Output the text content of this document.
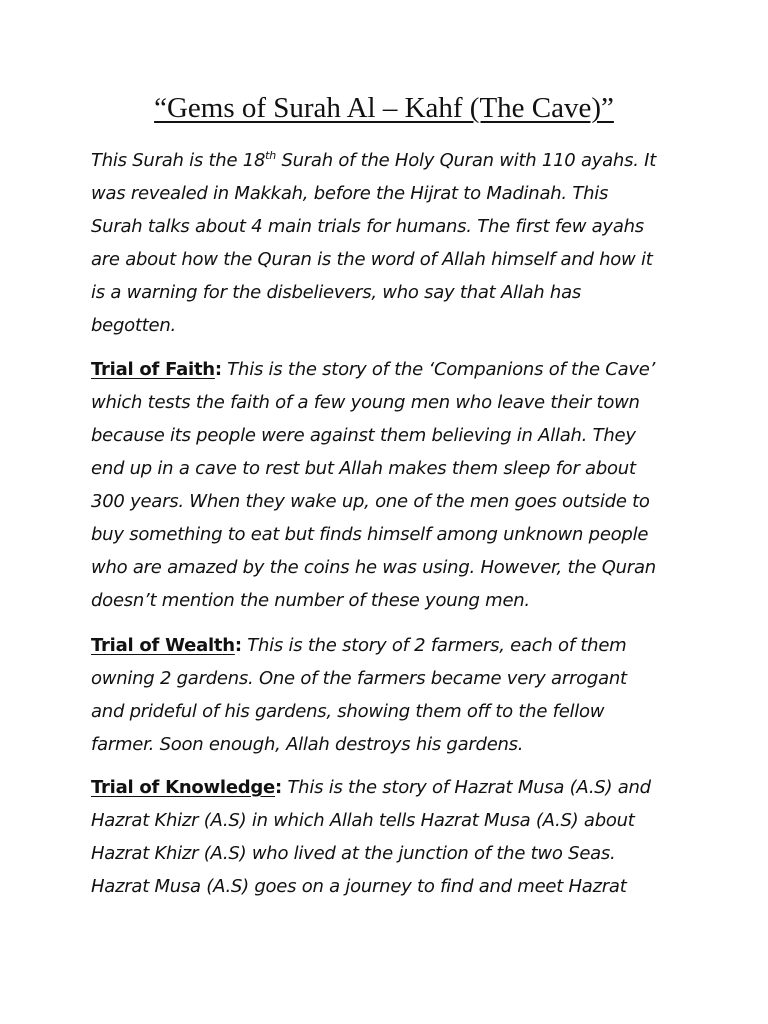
“Gems of Surah Al – Kahf (The Cave)”

This Surah is the 18th Surah of the Holy Quran with 110 ayahs. It
was revealed in Makkah, before the Hijrat to Madinah. This
Surah talks about 4 main trials for humans. The first few ayahs
are about how the Quran is the word of Allah himself and how it
is a warning for the disbelievers, who say that Allah has
begotten.

Trial of Faith: This is the story of the ‘Companions of the Cave’
which tests the faith of a few young men who leave their town
because its people were against them believing in Allah. They
end up in a cave to rest but Allah makes them sleep for about
300 years. When they wake up, one of the men goes outside to
buy something to eat but finds himself among unknown people
who are amazed by the coins he was using. However, the Quran
doesn’t mention the number of these young men.

Trial of Wealth: This is the story of 2 farmers, each of them
owning 2 gardens. One of the farmers became very arrogant
and prideful of his gardens, showing them off to the fellow
farmer. Soon enough, Allah destroys his gardens.

Trial of Knowledge: This is the story of Hazrat Musa (A.S) and
Hazrat Khizr (A.S) in which Allah tells Hazrat Musa (A.S) about
Hazrat Khizr (A.S) who lived at the junction of the two Seas.
Hazrat Musa (A.S) goes on a journey to find and meet Hazrat
